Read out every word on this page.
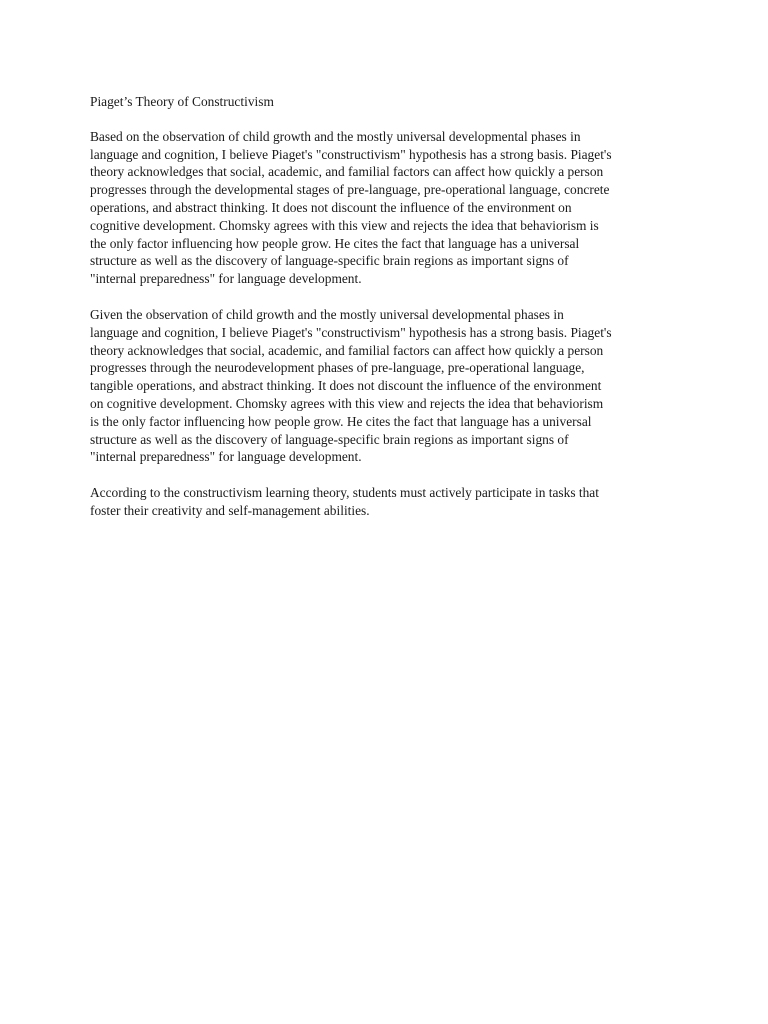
Piaget’s Theory of Constructivism
Based on the observation of child growth and the mostly universal developmental phases in
language and cognition, I believe Piaget's "constructivism" hypothesis has a strong basis. Piaget's
theory acknowledges that social, academic, and familial factors can affect how quickly a person
progresses through the developmental stages of pre-language, pre-operational language, concrete
operations, and abstract thinking. It does not discount the influence of the environment on
cognitive development. Chomsky agrees with this view and rejects the idea that behaviorism is
the only factor influencing how people grow. He cites the fact that language has a universal
structure as well as the discovery of language-specific brain regions as important signs of
"internal preparedness" for language development.
Given the observation of child growth and the mostly universal developmental phases in
language and cognition, I believe Piaget's "constructivism" hypothesis has a strong basis. Piaget's
theory acknowledges that social, academic, and familial factors can affect how quickly a person
progresses through the neurodevelopment phases of pre-language, pre-operational language,
tangible operations, and abstract thinking. It does not discount the influence of the environment
on cognitive development. Chomsky agrees with this view and rejects the idea that behaviorism
is the only factor influencing how people grow. He cites the fact that language has a universal
structure as well as the discovery of language-specific brain regions as important signs of
"internal preparedness" for language development.
According to the constructivism learning theory, students must actively participate in tasks that
foster their creativity and self-management abilities.
